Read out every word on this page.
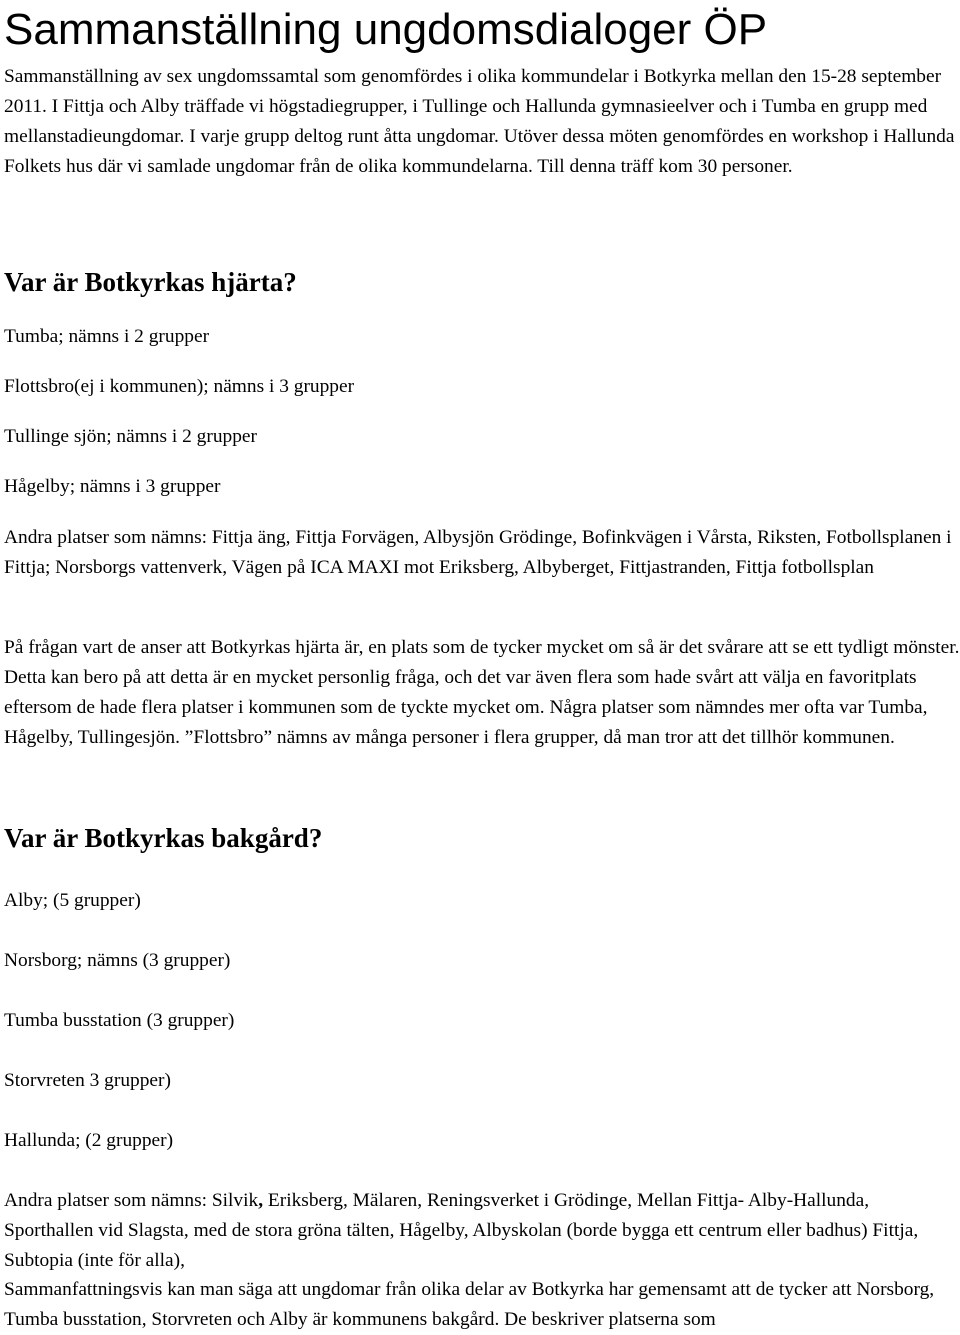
Sammanställning ungdomsdialoger ÖP

Sammanställning av sex ungdomssamtal som genomfördes i olika kommundelar i Botkyrka mellan den 15-28 september 2011. I Fittja och Alby träffade vi högstadiegrupper, i Tullinge och Hallunda gymnasieelver och i Tumba en grupp med mellanstadieungdomar. I varje grupp deltog runt åtta ungdomar. Utöver dessa möten genomfördes en workshop i Hallunda Folkets hus där vi samlade ungdomar från de olika kommundelarna. Till denna träff kom 30 personer.

Var är Botkyrkas hjärta?

Tumba; nämns i 2 grupper

Flottsbro(ej i kommunen); nämns i 3 grupper

Tullinge sjön; nämns i 2 grupper

Hågelby; nämns i 3 grupper

Andra platser som nämns: Fittja äng, Fittja Forvägen, Albysjön Grödinge, Bofinkvägen i Vårsta, Riksten, Fotbollsplanen i Fittja; Norsborgs vattenverk, Vägen på ICA MAXI mot Eriksberg, Albyberget, Fittjastranden, Fittja fotbollsplan

På frågan vart de anser att Botkyrkas hjärta är, en plats som de tycker mycket om så är det svårare att se ett tydligt mönster. Detta kan bero på att detta är en mycket personlig fråga, och det var även flera som hade svårt att välja en favoritplats eftersom de hade flera platser i kommunen som de tyckte mycket om. Några platser som nämndes mer ofta var Tumba, Hågelby, Tullingesjön. ”Flottsbro” nämns av många personer i flera grupper, då man tror att det tillhör kommunen.

Var är Botkyrkas bakgård?

Alby; (5 grupper)

Norsborg; nämns (3 grupper)

Tumba busstation (3 grupper)

Storvreten 3 grupper)

Hallunda; (2 grupper)

Andra platser som nämns: Silvik, Eriksberg, Mälaren, Reningsverket i Grödinge, Mellan Fittja- Alby-Hallunda, Sporthallen vid Slagsta, med de stora gröna tälten, Hågelby, Albyskolan (borde bygga ett centrum eller badhus) Fittja, Subtopia (inte för alla),

Sammanfattningsvis kan man säga att ungdomar från olika delar av Botkyrka har gemensamt att de tycker att Norsborg, Tumba busstation, Storvreten och Alby är kommunens bakgård. De beskriver platserna som
